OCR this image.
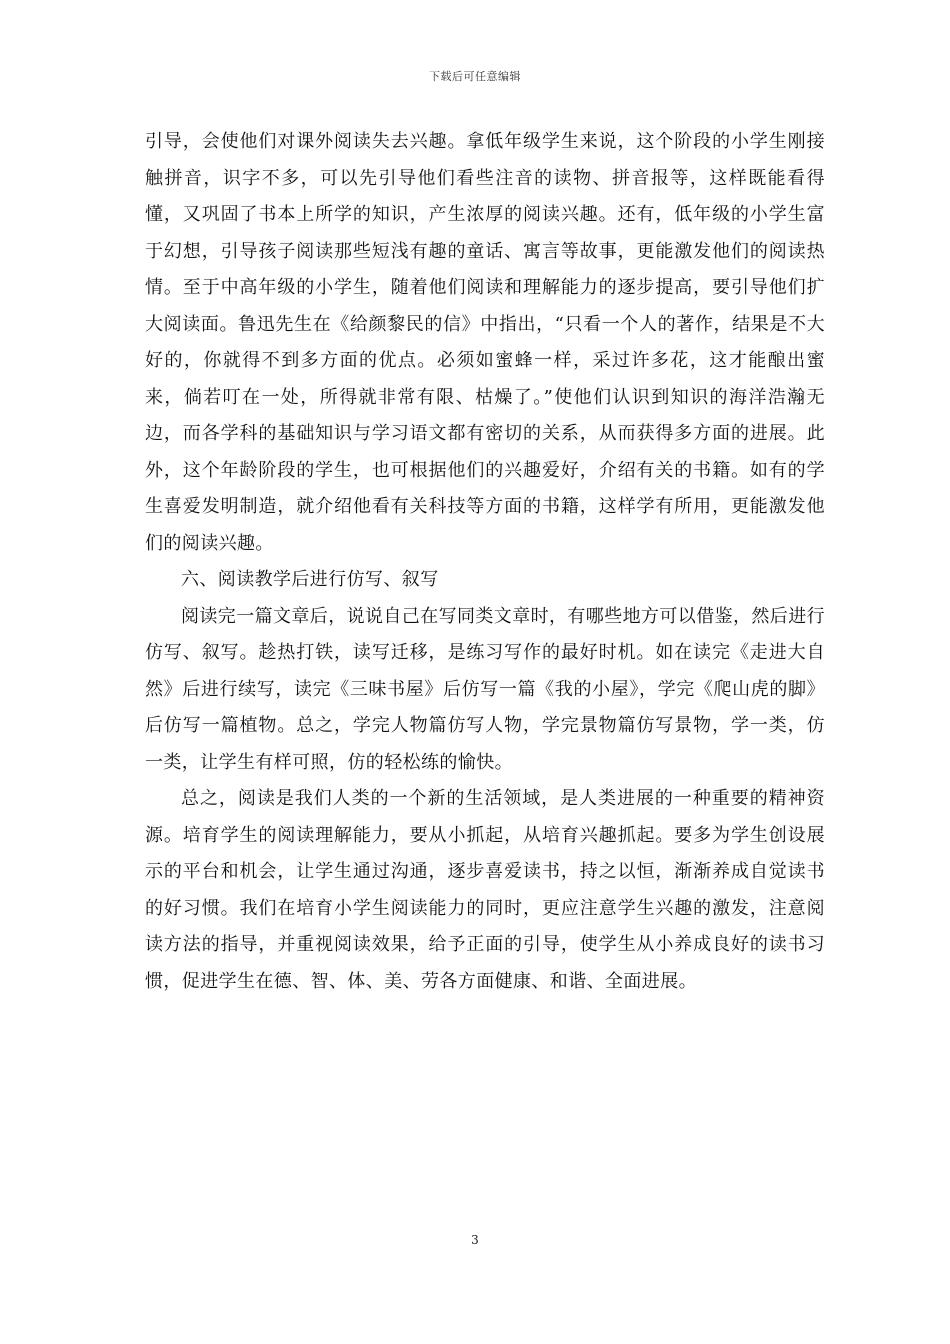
下载后可任意编辑

引导，会使他们对课外阅读失去兴趣。拿低年级学生来说，这个阶段的小学生刚接触拼音，识字不多，可以先引导他们看些注音的读物、拼音报等，这样既能看得懂，又巩固了书本上所学的知识，产生浓厚的阅读兴趣。还有，低年级的小学生富于幻想，引导孩子阅读那些短浅有趣的童话、寓言等故事，更能激发他们的阅读热情。至于中高年级的小学生，随着他们阅读和理解能力的逐步提高，要引导他们扩大阅读面。鲁迅先生在《给颜黎民的信》中指出，“只看一个人的著作，结果是不大好的，你就得不到多方面的优点。必须如蜜蜂一样，采过许多花，这才能酿出蜜来，倘若叮在一处，所得就非常有限、枯燥了。”使他们认识到知识的海洋浩瀚无边，而各学科的基础知识与学习语文都有密切的关系，从而获得多方面的进展。此外，这个年龄阶段的学生，也可根据他们的兴趣爱好，介绍有关的书籍。如有的学生喜爱发明制造，就介绍他看有关科技等方面的书籍，这样学有所用，更能激发他们的阅读兴趣。

六、阅读教学后进行仿写、叙写

阅读完一篇文章后，说说自己在写同类文章时，有哪些地方可以借鉴，然后进行仿写、叙写。趁热打铁，读写迁移，是练习写作的最好时机。如在读完《走进大自然》后进行续写，读完《三味书屋》后仿写一篇《我的小屋》，学完《爬山虎的脚》后仿写一篇植物。总之，学完人物篇仿写人物，学完景物篇仿写景物，学一类，仿一类，让学生有样可照，仿的轻松练的愉快。

总之，阅读是我们人类的一个新的生活领域，是人类进展的一种重要的精神资源。培育学生的阅读理解能力，要从小抓起，从培育兴趣抓起。要多为学生创设展示的平台和机会，让学生通过沟通，逐步喜爱读书，持之以恒，渐渐养成自觉读书的好习惯。我们在培育小学生阅读能力的同时，更应注意学生兴趣的激发，注意阅读方法的指导，并重视阅读效果，给予正面的引导，使学生从小养成良好的读书习惯，促进学生在德、智、体、美、劳各方面健康、和谐、全面进展。

3
